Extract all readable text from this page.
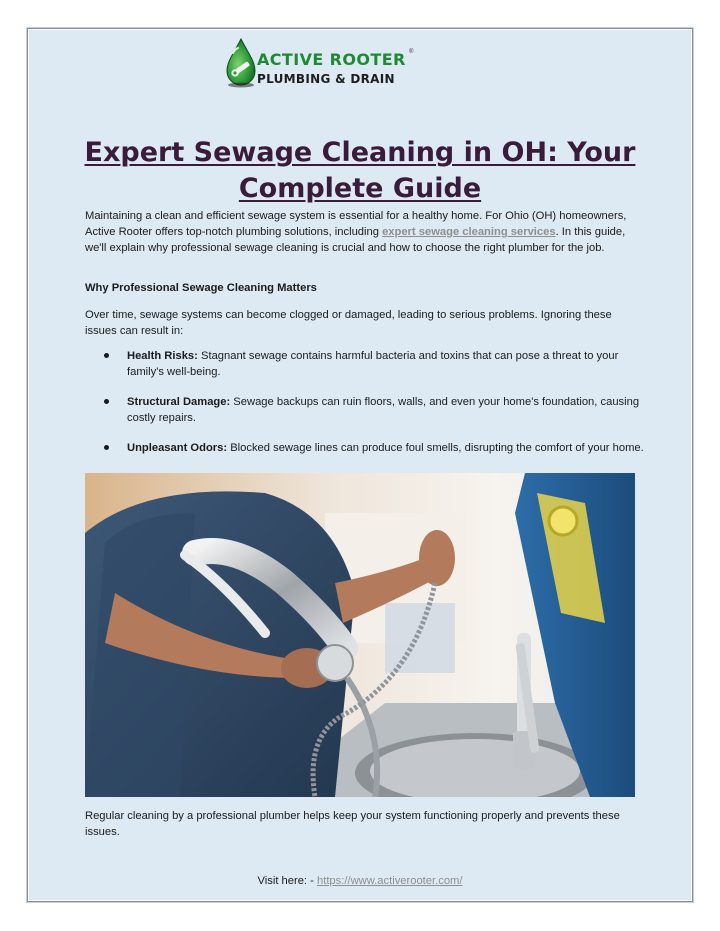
ACTIVE ROOTER ®
PLUMBING & DRAIN
Expert Sewage Cleaning in OH: Your Complete Guide

Maintaining a clean and efficient sewage system is essential for a healthy home. For Ohio (OH) homeowners, Active Rooter offers top-notch plumbing solutions, including expert sewage cleaning services. In this guide, we'll explain why professional sewage cleaning is crucial and how to choose the right plumber for the job.

Why Professional Sewage Cleaning Matters

Over time, sewage systems can become clogged or damaged, leading to serious problems. Ignoring these issues can result in:

Health Risks: Stagnant sewage contains harmful bacteria and toxins that can pose a threat to your family's well-being.
Structural Damage: Sewage backups can ruin floors, walls, and even your home's foundation, causing costly repairs.
Unpleasant Odors: Blocked sewage lines can produce foul smells, disrupting the comfort of your home.

Regular cleaning by a professional plumber helps keep your system functioning properly and prevents these issues.

Visit here: - https://www.activerooter.com/
